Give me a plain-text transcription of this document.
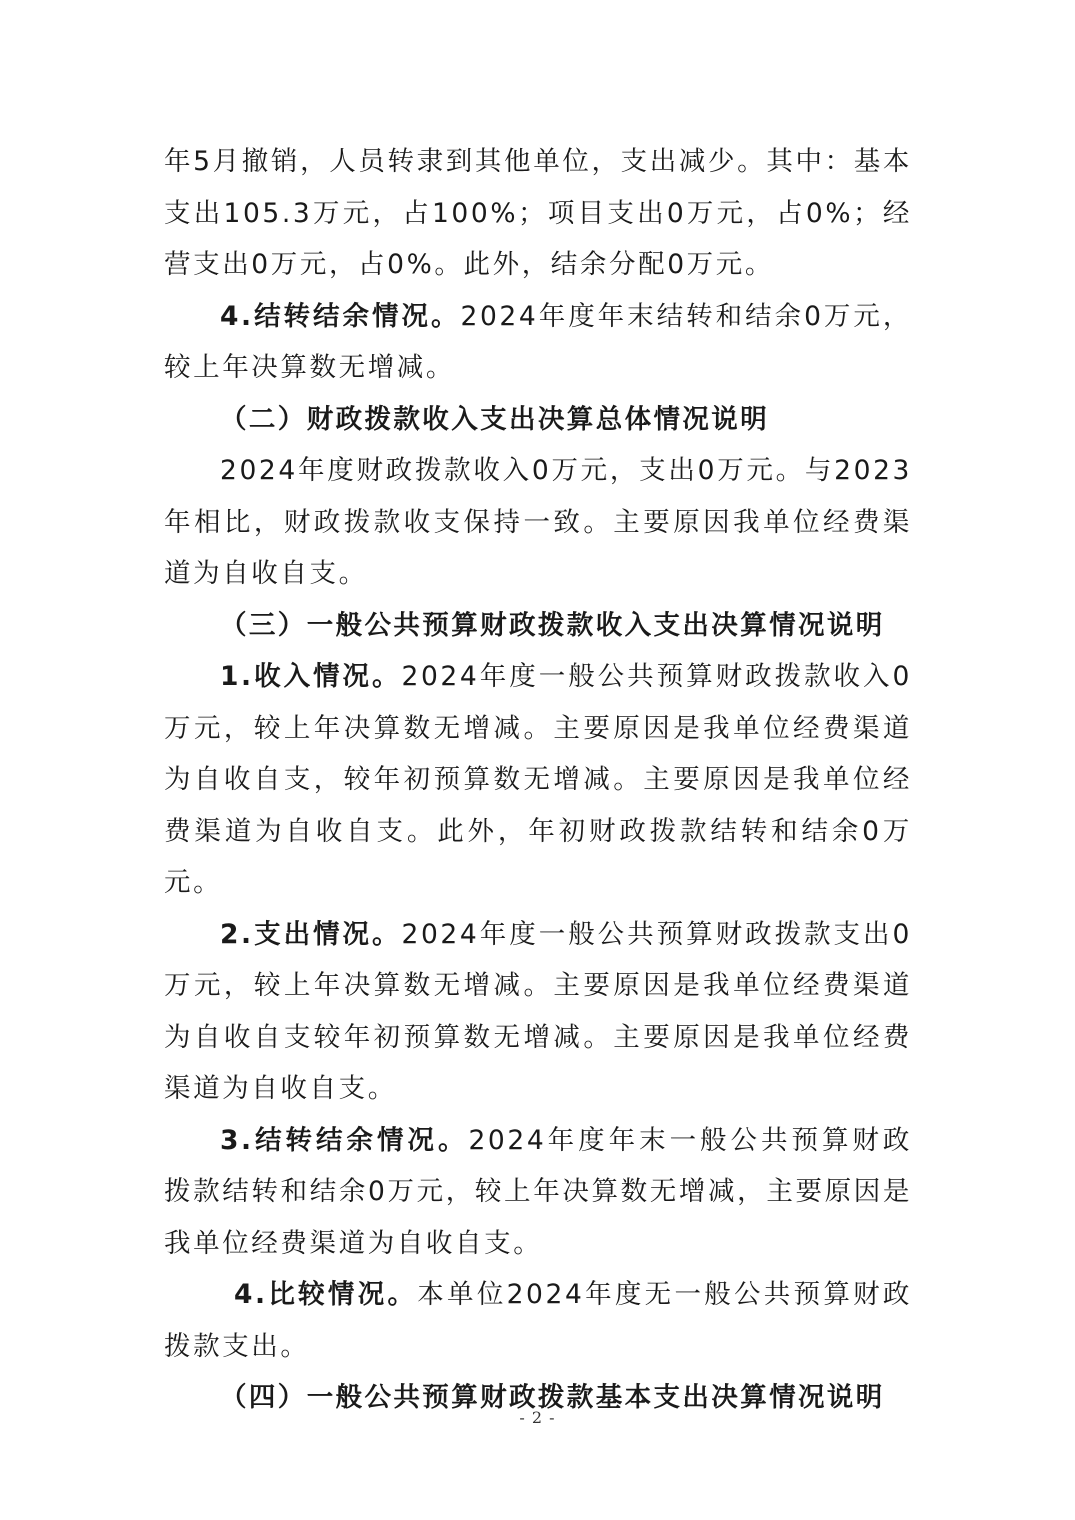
年5月撤销，人员转隶到其他单位，支出减少。其中：基本支出105.3万元，占100%；项目支出0万元，占0%；经营支出0万元，占0%。此外，结余分配0万元。

4.结转结余情况。2024年度年末结转和结余0万元，较上年决算数无增减。

（二）财政拨款收入支出决算总体情况说明

2024年度财政拨款收入0万元，支出0万元。与2023年相比，财政拨款收支保持一致。主要原因我单位经费渠道为自收自支。

（三）一般公共预算财政拨款收入支出决算情况说明

1.收入情况。2024年度一般公共预算财政拨款收入0万元，较上年决算数无增减。主要原因是我单位经费渠道为自收自支，较年初预算数无增减。主要原因是我单位经费渠道为自收自支。此外，年初财政拨款结转和结余0万元。

2.支出情况。2024年度一般公共预算财政拨款支出0万元，较上年决算数无增减。主要原因是我单位经费渠道为自收自支较年初预算数无增减。主要原因是我单位经费渠道为自收自支。

3.结转结余情况。2024年度年末一般公共预算财政拨款结转和结余0万元，较上年决算数无增减，主要原因是我单位经费渠道为自收自支。

4.比较情况。本单位2024年度无一般公共预算财政拨款支出。

（四）一般公共预算财政拨款基本支出决算情况说明

- 2 -
